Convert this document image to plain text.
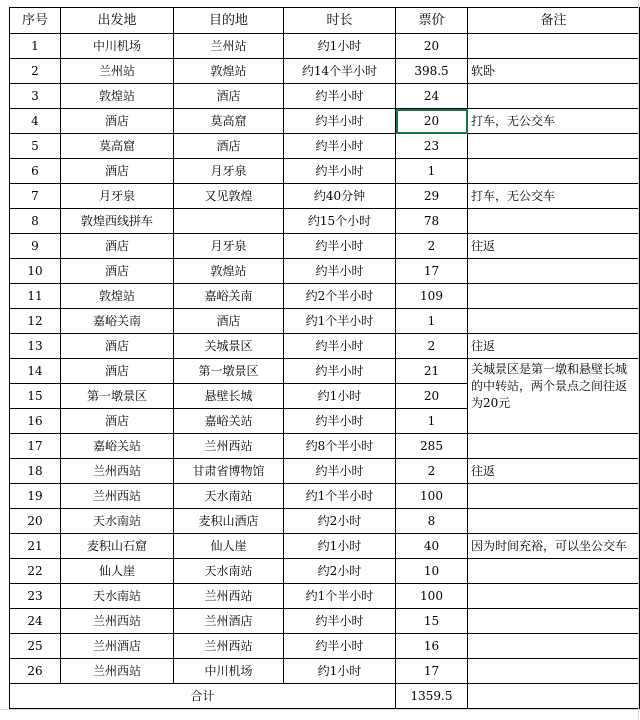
序号	出发地	目的地	时长	票价	备注
1	中川机场	兰州站	约1小时	20	
2	兰州站	敦煌站	约14个半小时	398.5	软卧
3	敦煌站	酒店	约半小时	24	
4	酒店	莫高窟	约半小时	20	打车，无公交车
5	莫高窟	酒店	约半小时	23	
6	酒店	月牙泉	约半小时	1	
7	月牙泉	又见敦煌	约40分钟	29	打车，无公交车
8	敦煌西线拼车		约15个小时	78	
9	酒店	月牙泉	约半小时	2	往返
10	酒店	敦煌站	约半小时	17	
11	敦煌站	嘉峪关南	约2个半小时	109	
12	嘉峪关南	酒店	约1个半小时	1	
13	酒店	关城景区	约半小时	2	往返
14	酒店	第一墩景区	约半小时	21	关城景区是第一墩和悬壁长城的中转站，两个景点之间往返为20元
15	第一墩景区	悬壁长城	约1小时	20	
16	酒店	嘉峪关站	约半小时	1	
17	嘉峪关站	兰州西站	约8个半小时	285	
18	兰州西站	甘肃省博物馆	约半小时	2	往返
19	兰州西站	天水南站	约1个半小时	100	
20	天水南站	麦积山酒店	约2小时	8	
21	麦积山石窟	仙人崖	约1小时	40	因为时间充裕，可以坐公交车
22	仙人崖	天水南站	约2小时	10	
23	天水南站	兰州西站	约1个半小时	100	
24	兰州西站	兰州酒店	约半小时	15	
25	兰州酒店	兰州西站	约半小时	16	
26	兰州西站	中川机场	约1小时	17	
合计				1359.5	
